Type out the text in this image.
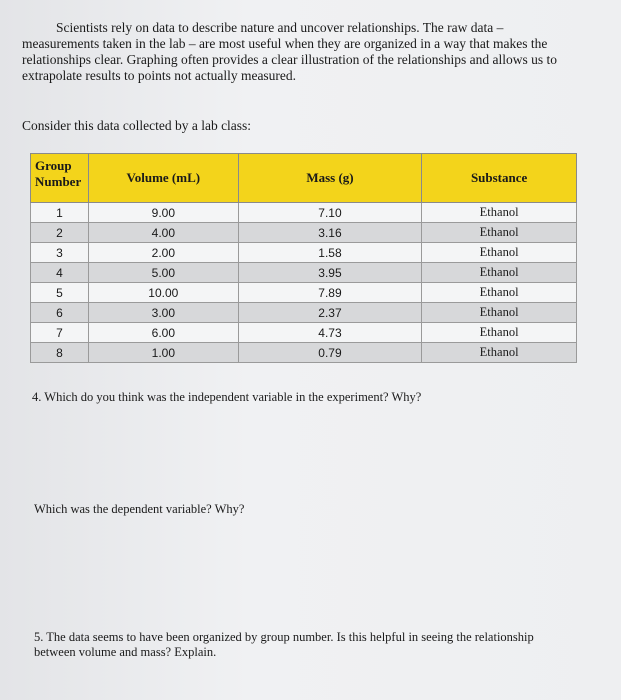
Scientists rely on data to describe nature and uncover relationships. The raw data –
measurements taken in the lab – are most useful when they are organized in a way that makes the
relationships clear. Graphing often provides a clear illustration of the relationships and allows us to
extrapolate results to points not actually measured.

Consider this data collected by a lab class:

Group Number	Volume (mL)	Mass (g)	Substance
1	9.00	7.10	Ethanol
2	4.00	3.16	Ethanol
3	2.00	1.58	Ethanol
4	5.00	3.95	Ethanol
5	10.00	7.89	Ethanol
6	3.00	2.37	Ethanol
7	6.00	4.73	Ethanol
8	1.00	0.79	Ethanol

4. Which do you think was the independent variable in the experiment? Why?

Which was the dependent variable? Why?

5. The data seems to have been organized by group number. Is this helpful in seeing the relationship
between volume and mass? Explain.
